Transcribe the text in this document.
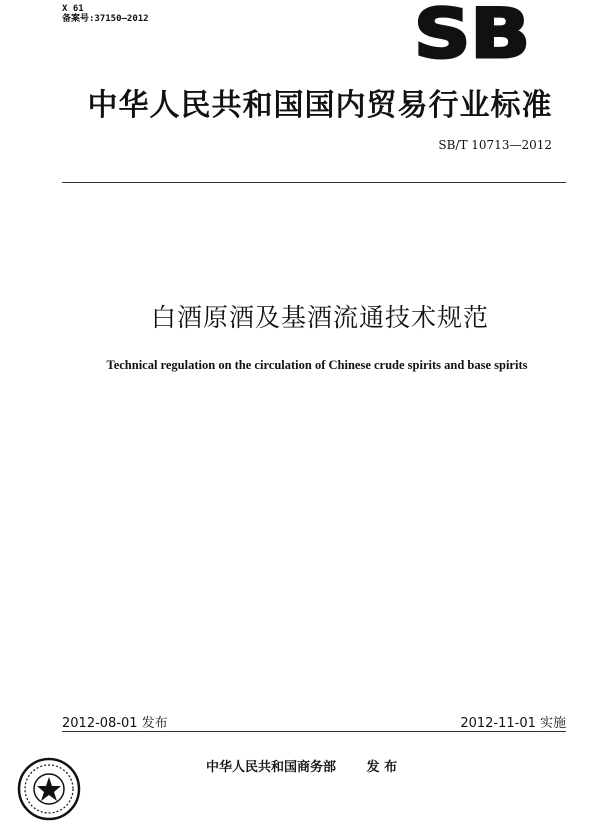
X 61
备案号:37150—2012	SB
中华人民共和国国内贸易行业标准
SB/T 10713—2012
白酒原酒及基酒流通技术规范
Technical regulation on the circulation of Chinese crude spirits and base spirits
2012-08-01 发布	2012-11-01 实施
中华人民共和国商务部 发 布
